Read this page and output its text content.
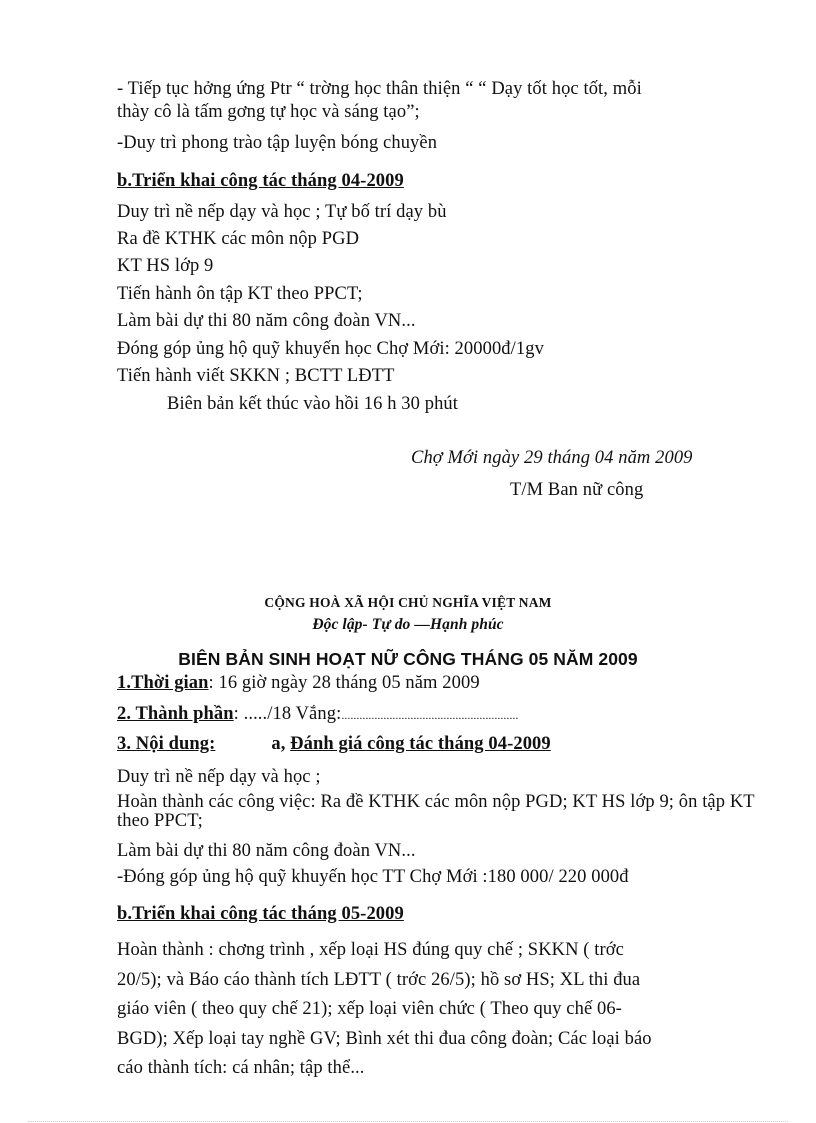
- Tiếp tục hởng ứng Ptr “ trờng học thân thiện “ “ Dạy tốt học tốt, mỗi
thày cô là tấm gơng tự học và sáng tạo”;
-Duy trì phong trào tập luyện bóng chuyền
b.Triển khai công tác tháng 04-2009
Duy trì nề nếp dạy và học ; Tự bố trí dạy bù
Ra đề KTHK các môn nộp PGD
KT HS lớp 9
Tiến hành ôn tập KT theo PPCT;
Làm bài dự thi 80 năm công đoàn VN...
Đóng góp ủng hộ quỹ khuyến học Chợ Mới: 20000đ/1gv
Tiến hành viết SKKN ; BCTT LĐTT
Biên bản kết thúc vào hồi 16 h 30 phút
Chợ Mới ngày 29 tháng 04 năm 2009
T/M Ban nữ công
CỘNG HOÀ XÃ HỘI CHỦ NGHĨA VIỆT NAM
Độc lập- Tự do —Hạnh phúc
BIÊN BẢN SINH HOẠT NỮ CÔNG THÁNG 05 NĂM 2009
1.Thời gian: 16 giờ ngày 28 tháng 05 năm 2009
2. Thành phần: ...../18 Vắng:...........................................................
3. Nội dung:	a, Đánh giá công tác tháng 04-2009
Duy trì nề nếp dạy và học ;
Hoàn thành các công việc: Ra đề KTHK các môn nộp PGD; KT HS lớp 9; ôn tập KT theo PPCT;
Làm bài dự thi 80 năm công đoàn VN...
-Đóng góp ủng hộ quỹ khuyến học TT Chợ Mới :180 000/ 220 000đ
b.Triển khai công tác tháng 05-2009
Hoàn thành : chơng trình , xếp loại HS đúng quy chế ; SKKN ( trớc
20/5); và Báo cáo thành tích LĐTT ( trớc 26/5); hồ sơ HS; XL thi đua
giáo viên ( theo quy chế 21); xếp loại viên chức ( Theo quy chế 06-
BGD); Xếp loại tay nghề GV; Bình xét thi đua công đoàn; Các loại báo
cáo thành tích: cá nhân; tập thể...
